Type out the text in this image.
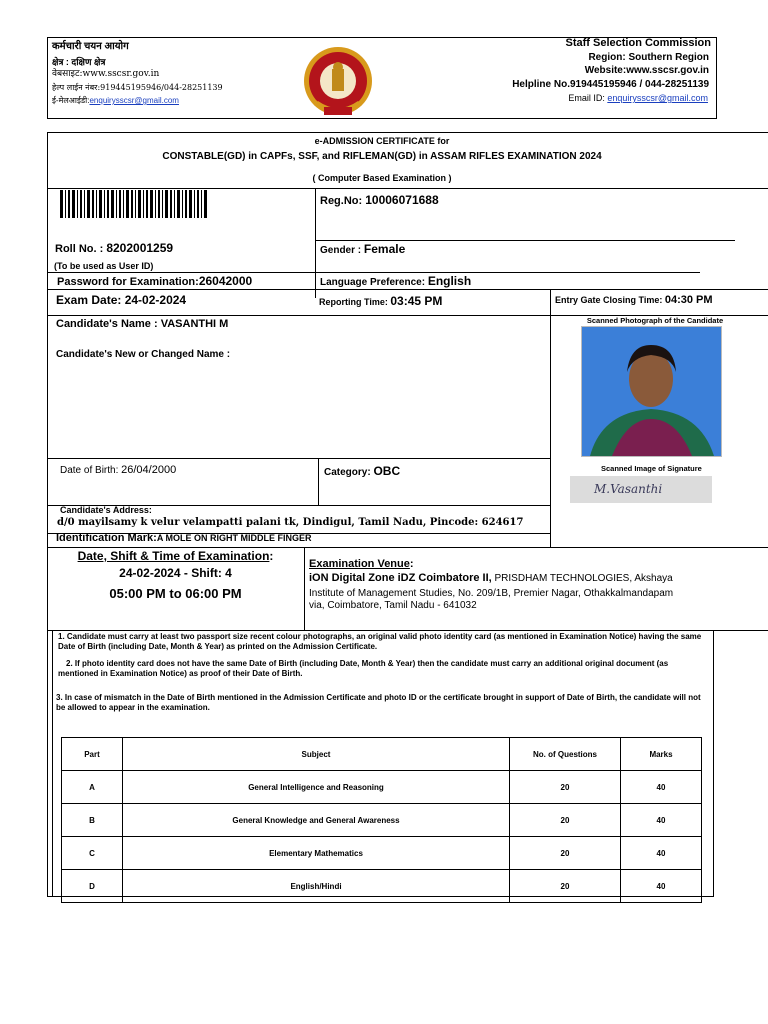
कर्मचारी चयन आयोग
क्षेत्र : दक्षिण क्षेत्र
वेबसाइट:www.sscsr.gov.in
हेल्प लाईन नंबर:919445195946/044-28251139
ई-मेलआईडी:enquirysscsr@gmail.com
Staff Selection Commission
Region: Southern Region
Website:www.sscsr.gov.in
Helpline No.919445195946 / 044-28251139
Email ID: enquirysscsr@gmail.com
e-ADMISSION CERTIFICATE for
CONSTABLE(GD) in CAPFs, SSF, and RIFLEMAN(GD) in ASSAM RIFLES EXAMINATION 2024
( Computer Based Examination )
Reg.No: 10006071688
Roll No. : 8202001259
(To be used as User ID)
Gender : Female
Password for Examination:26042000	Language Preference: English
Exam Date: 24-02-2024	Reporting Time: 03:45 PM	Entry Gate Closing Time: 04:30 PM
Candidate's Name : VASANTHI M
Candidate's New or Changed Name :
Scanned Photograph of the Candidate
Date of Birth: 26/04/2000	Category: OBC	Scanned Image of Signature
M.Vasanthi
Candidate's Address:
d/0 mayilsamy k velur velampatti palani tk, Dindigul, Tamil Nadu, Pincode: 624617
Identification Mark:A MOLE ON RIGHT MIDDLE FINGER
Date, Shift & Time of Examination:
24-02-2024 - Shift: 4
05:00 PM to 06:00 PM
Examination Venue:
iON Digital Zone iDZ Coimbatore II, PRISDHAM TECHNOLOGIES, Akshaya
Institute of Management Studies, No. 209/1B, Premier Nagar, Othakkalmandapam
via, Coimbatore, Tamil Nadu - 641032
1. Candidate must carry at least two passport size recent colour photographs, an original valid photo identity card (as mentioned in Examination Notice) having the same Date of Birth (including Date, Month & Year) as printed on the Admission Certificate.
2. If photo identity card does not have the same Date of Birth (including Date, Month & Year) then the candidate must carry an additional original document (as mentioned in Examination Notice) as proof of their Date of Birth.
3. In case of mismatch in the Date of Birth mentioned in the Admission Certificate and photo ID or the certificate brought in support of Date of Birth, the candidate will not be allowed to appear in the examination.
Part	Subject	No. of Questions	Marks
A	General Intelligence and Reasoning	20	40
B	General Knowledge and General Awareness	20	40
C	Elementary Mathematics	20	40
D	English/Hindi	20	40
